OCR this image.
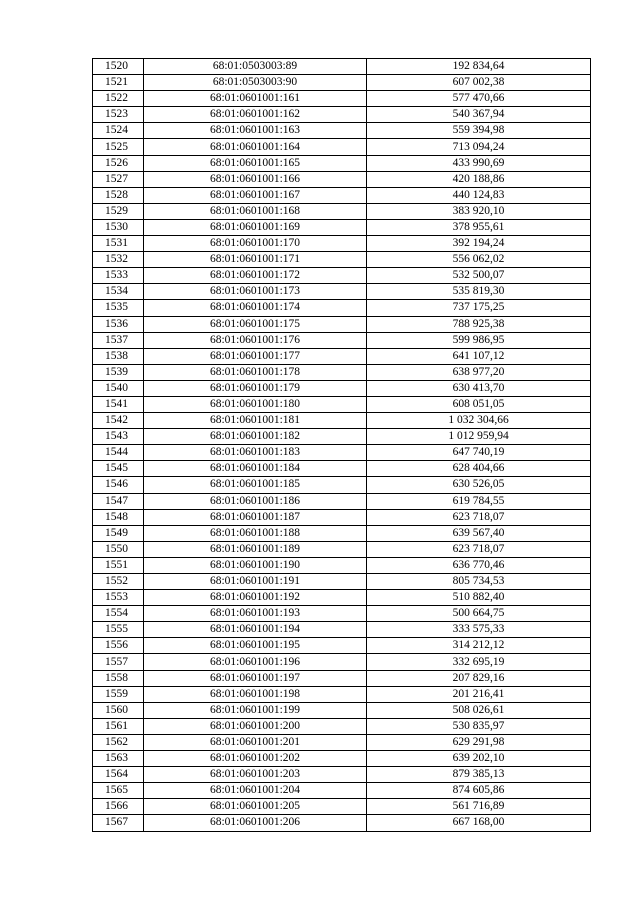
1520	68:01:0503003:89	192 834,64
1521	68:01:0503003:90	607 002,38
1522	68:01:0601001:161	577 470,66
1523	68:01:0601001:162	540 367,94
1524	68:01:0601001:163	559 394,98
1525	68:01:0601001:164	713 094,24
1526	68:01:0601001:165	433 990,69
1527	68:01:0601001:166	420 188,86
1528	68:01:0601001:167	440 124,83
1529	68:01:0601001:168	383 920,10
1530	68:01:0601001:169	378 955,61
1531	68:01:0601001:170	392 194,24
1532	68:01:0601001:171	556 062,02
1533	68:01:0601001:172	532 500,07
1534	68:01:0601001:173	535 819,30
1535	68:01:0601001:174	737 175,25
1536	68:01:0601001:175	788 925,38
1537	68:01:0601001:176	599 986,95
1538	68:01:0601001:177	641 107,12
1539	68:01:0601001:178	638 977,20
1540	68:01:0601001:179	630 413,70
1541	68:01:0601001:180	608 051,05
1542	68:01:0601001:181	1 032 304,66
1543	68:01:0601001:182	1 012 959,94
1544	68:01:0601001:183	647 740,19
1545	68:01:0601001:184	628 404,66
1546	68:01:0601001:185	630 526,05
1547	68:01:0601001:186	619 784,55
1548	68:01:0601001:187	623 718,07
1549	68:01:0601001:188	639 567,40
1550	68:01:0601001:189	623 718,07
1551	68:01:0601001:190	636 770,46
1552	68:01:0601001:191	805 734,53
1553	68:01:0601001:192	510 882,40
1554	68:01:0601001:193	500 664,75
1555	68:01:0601001:194	333 575,33
1556	68:01:0601001:195	314 212,12
1557	68:01:0601001:196	332 695,19
1558	68:01:0601001:197	207 829,16
1559	68:01:0601001:198	201 216,41
1560	68:01:0601001:199	508 026,61
1561	68:01:0601001:200	530 835,97
1562	68:01:0601001:201	629 291,98
1563	68:01:0601001:202	639 202,10
1564	68:01:0601001:203	879 385,13
1565	68:01:0601001:204	874 605,86
1566	68:01:0601001:205	561 716,89
1567	68:01:0601001:206	667 168,00
